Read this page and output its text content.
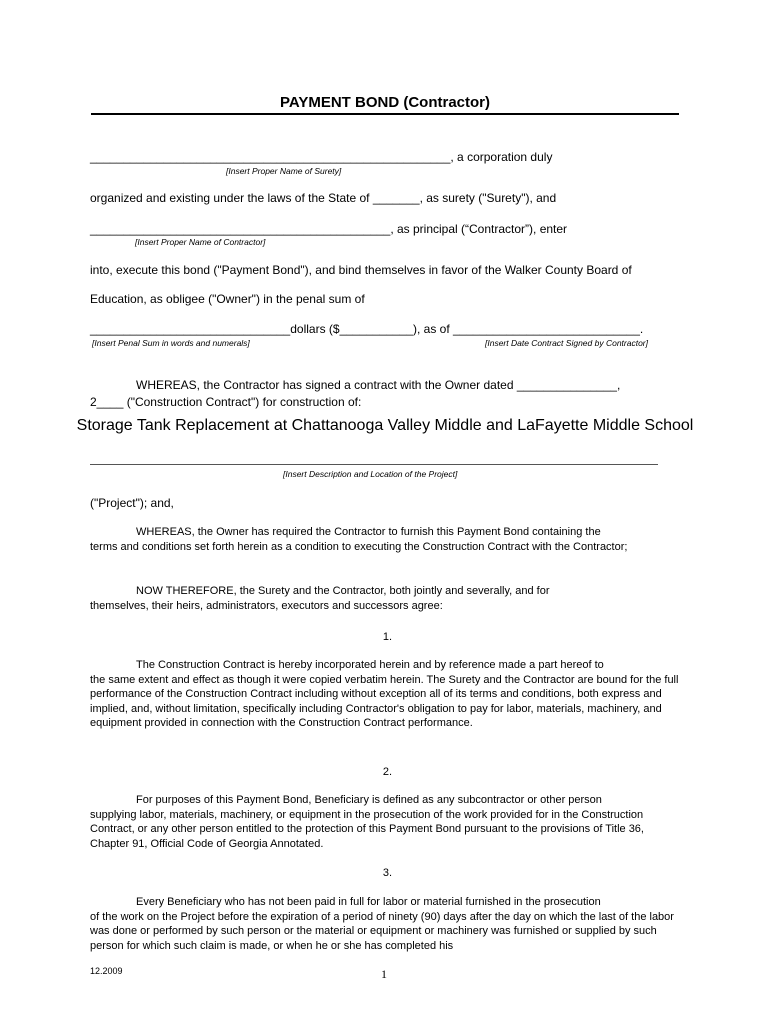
PAYMENT BOND (Contractor)
______________________________________________________, a corporation duly
[Insert Proper Name of Surety]
organized and existing under the laws of the State of _______, as surety ("Surety"), and
_____________________________________________, as principal (“Contractor”), enter
[Insert Proper Name of Contractor]
into, execute this bond ("Payment Bond"), and bind themselves in favor of the Walker County Board of
Education, as obligee ("Owner") in the penal sum of
______________________________dollars ($___________), as of ____________________________.
[Insert Penal Sum in words and numerals]	[Insert Date Contract Signed by Contractor]
WHEREAS, the Contractor has signed a contract with the Owner dated _______________,
2____ ("Construction Contract") for construction of:
Storage Tank Replacement at Chattanooga Valley Middle and LaFayette Middle School
[Insert Description and Location of the Project]
("Project"); and,
WHEREAS, the Owner has required the Contractor to furnish this Payment Bond containing the
terms and conditions set forth herein as a condition to executing the Construction Contract with the Contractor;
NOW THEREFORE, the Surety and the Contractor, both jointly and severally, and for
themselves, their heirs, administrators, executors and successors agree:
1.
The Construction Contract is hereby incorporated herein and by reference made a part hereof to
the same extent and effect as though it were copied verbatim herein. The Surety and the Contractor are bound for the full performance of the Construction Contract including without exception all of its terms and conditions, both express and implied, and, without limitation, specifically including Contractor's obligation to pay for labor, materials, machinery, and equipment provided in connection with the Construction Contract performance.
2.
For purposes of this Payment Bond, Beneficiary is defined as any subcontractor or other person
supplying labor, materials, machinery, or equipment in the prosecution of the work provided for in the Construction Contract, or any other person entitled to the protection of this Payment Bond pursuant to the provisions of Title 36, Chapter 91, Official Code of Georgia Annotated.
3.
Every Beneficiary who has not been paid in full for labor or material furnished in the prosecution
of the work on the Project before the expiration of a period of ninety (90) days after the day on which the last of the labor was done or performed by such person or the material or equipment or machinery was furnished or supplied by such person for which such claim is made, or when he or she has completed his
12.2009	1
